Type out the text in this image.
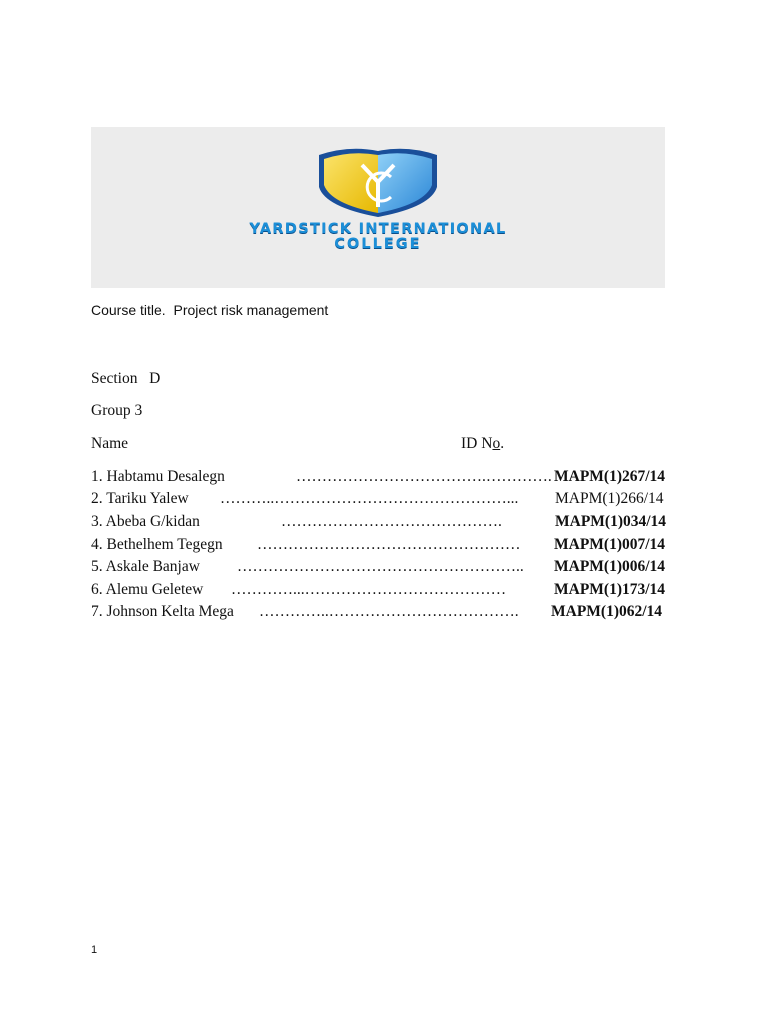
YARDSTICK INTERNATIONAL
COLLEGE
Course title. Project risk management
Section D
Group 3
Name	ID No.
1. Habtamu Desalegn	……………………………….…………. MAPM(1)267/14
2. Tariku Yalew ………..………………………………………...	MAPM(1)266/14
3. Abeba G/kidan	…………………………………….	MAPM(1)034/14
4. Bethelhem Tegegn ……………………………………………	MAPM(1)007/14
5. Askale Banjaw ………………………………………………..	MAPM(1)006/14
6. Alemu Geletew …………...…………………………………	MAPM(1)173/14
7. Johnson Kelta Mega …………..……………………………….	MAPM(1)062/14
1
